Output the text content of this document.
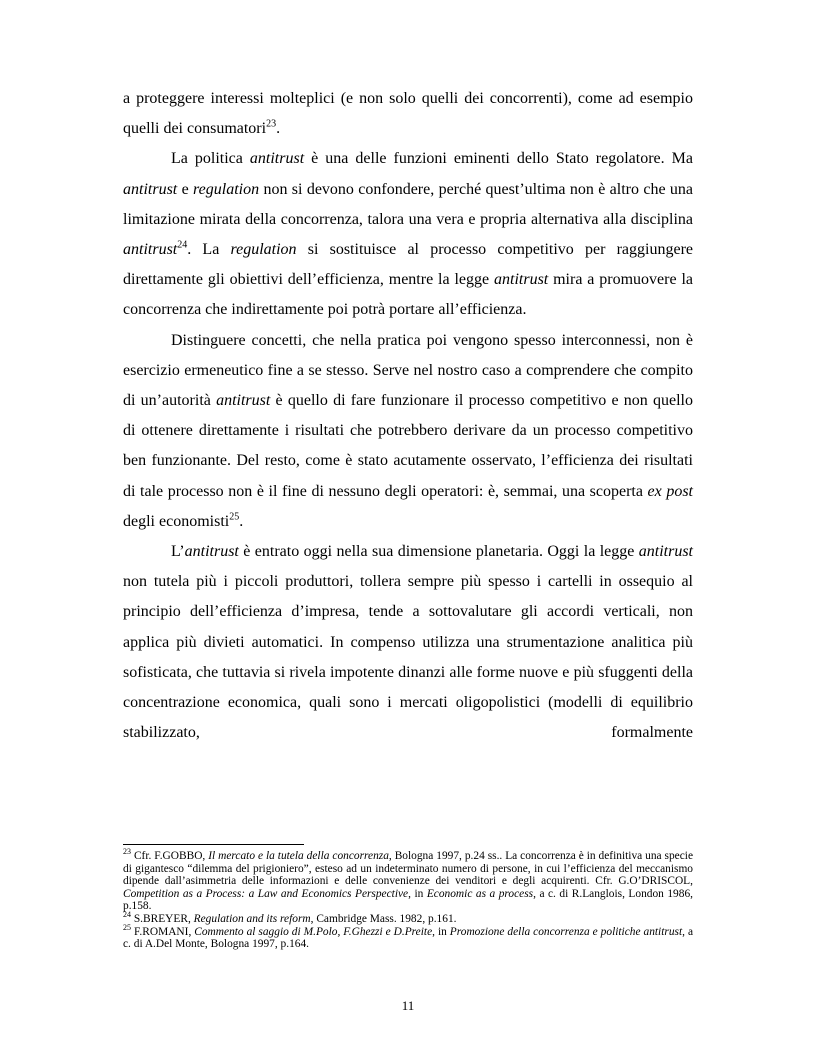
a proteggere interessi molteplici (e non solo quelli dei concorrenti), come ad esempio quelli dei consumatori$^{23}$.

La politica antitrust è una delle funzioni eminenti dello Stato regolatore. Ma antitrust e regulation non si devono confondere, perché quest’ultima non è altro che una limitazione mirata della concorrenza, talora una vera e propria alternativa alla disciplina antitrust$^{24}$. La regulation si sostituisce al processo competitivo per raggiungere direttamente gli obiettivi dell’efficienza, mentre la legge antitrust mira a promuovere la concorrenza che indirettamente poi potrà portare all’efficienza.

Distinguere concetti, che nella pratica poi vengono spesso interconnessi, non è esercizio ermeneutico fine a se stesso. Serve nel nostro caso a comprendere che compito di un’autorità antitrust è quello di fare funzionare il processo competitivo e non quello di ottenere direttamente i risultati che potrebbero derivare da un processo competitivo ben funzionante. Del resto, come è stato acutamente osservato, l’efficienza dei risultati di tale processo non è il fine di nessuno degli operatori: è, semmai, una scoperta ex post degli economisti$^{25}$.

L’antitrust è entrato oggi nella sua dimensione planetaria. Oggi la legge antitrust non tutela più i piccoli produttori, tollera sempre più spesso i cartelli in ossequio al principio dell’efficienza d’impresa, tende a sottovalutare gli accordi verticali, non applica più divieti automatici. In compenso utilizza una strumentazione analitica più sofisticata, che tuttavia si rivela impotente dinanzi alle forme nuove e più sfuggenti della concentrazione economica, quali sono i mercati oligopolistici (modelli di equilibrio stabilizzato, formalmente

$^{23}$ Cfr. F.GOBBO, Il mercato e la tutela della concorrenza, Bologna 1997, p.24 ss.. La concorrenza è in definitiva una specie di gigantesco “dilemma del prigioniero”, esteso ad un indeterminato numero di persone, in cui l’efficienza del meccanismo dipende dall’asimmetria delle informazioni e delle convenienze dei venditori e degli acquirenti. Cfr. G.O’DRISCOL, Competition as a Process: a Law and Economics Perspective, in Economic as a process, a c. di R.Langlois, London 1986, p.158.

$^{24}$ S.BREYER, Regulation and its reform, Cambridge Mass. 1982, p.161.

$^{25}$ F.ROMANI, Commento al saggio di M.Polo, F.Ghezzi e D.Preite, in Promozione della concorrenza e politiche antitrust, a c. di A.Del Monte, Bologna 1997, p.164.

11
